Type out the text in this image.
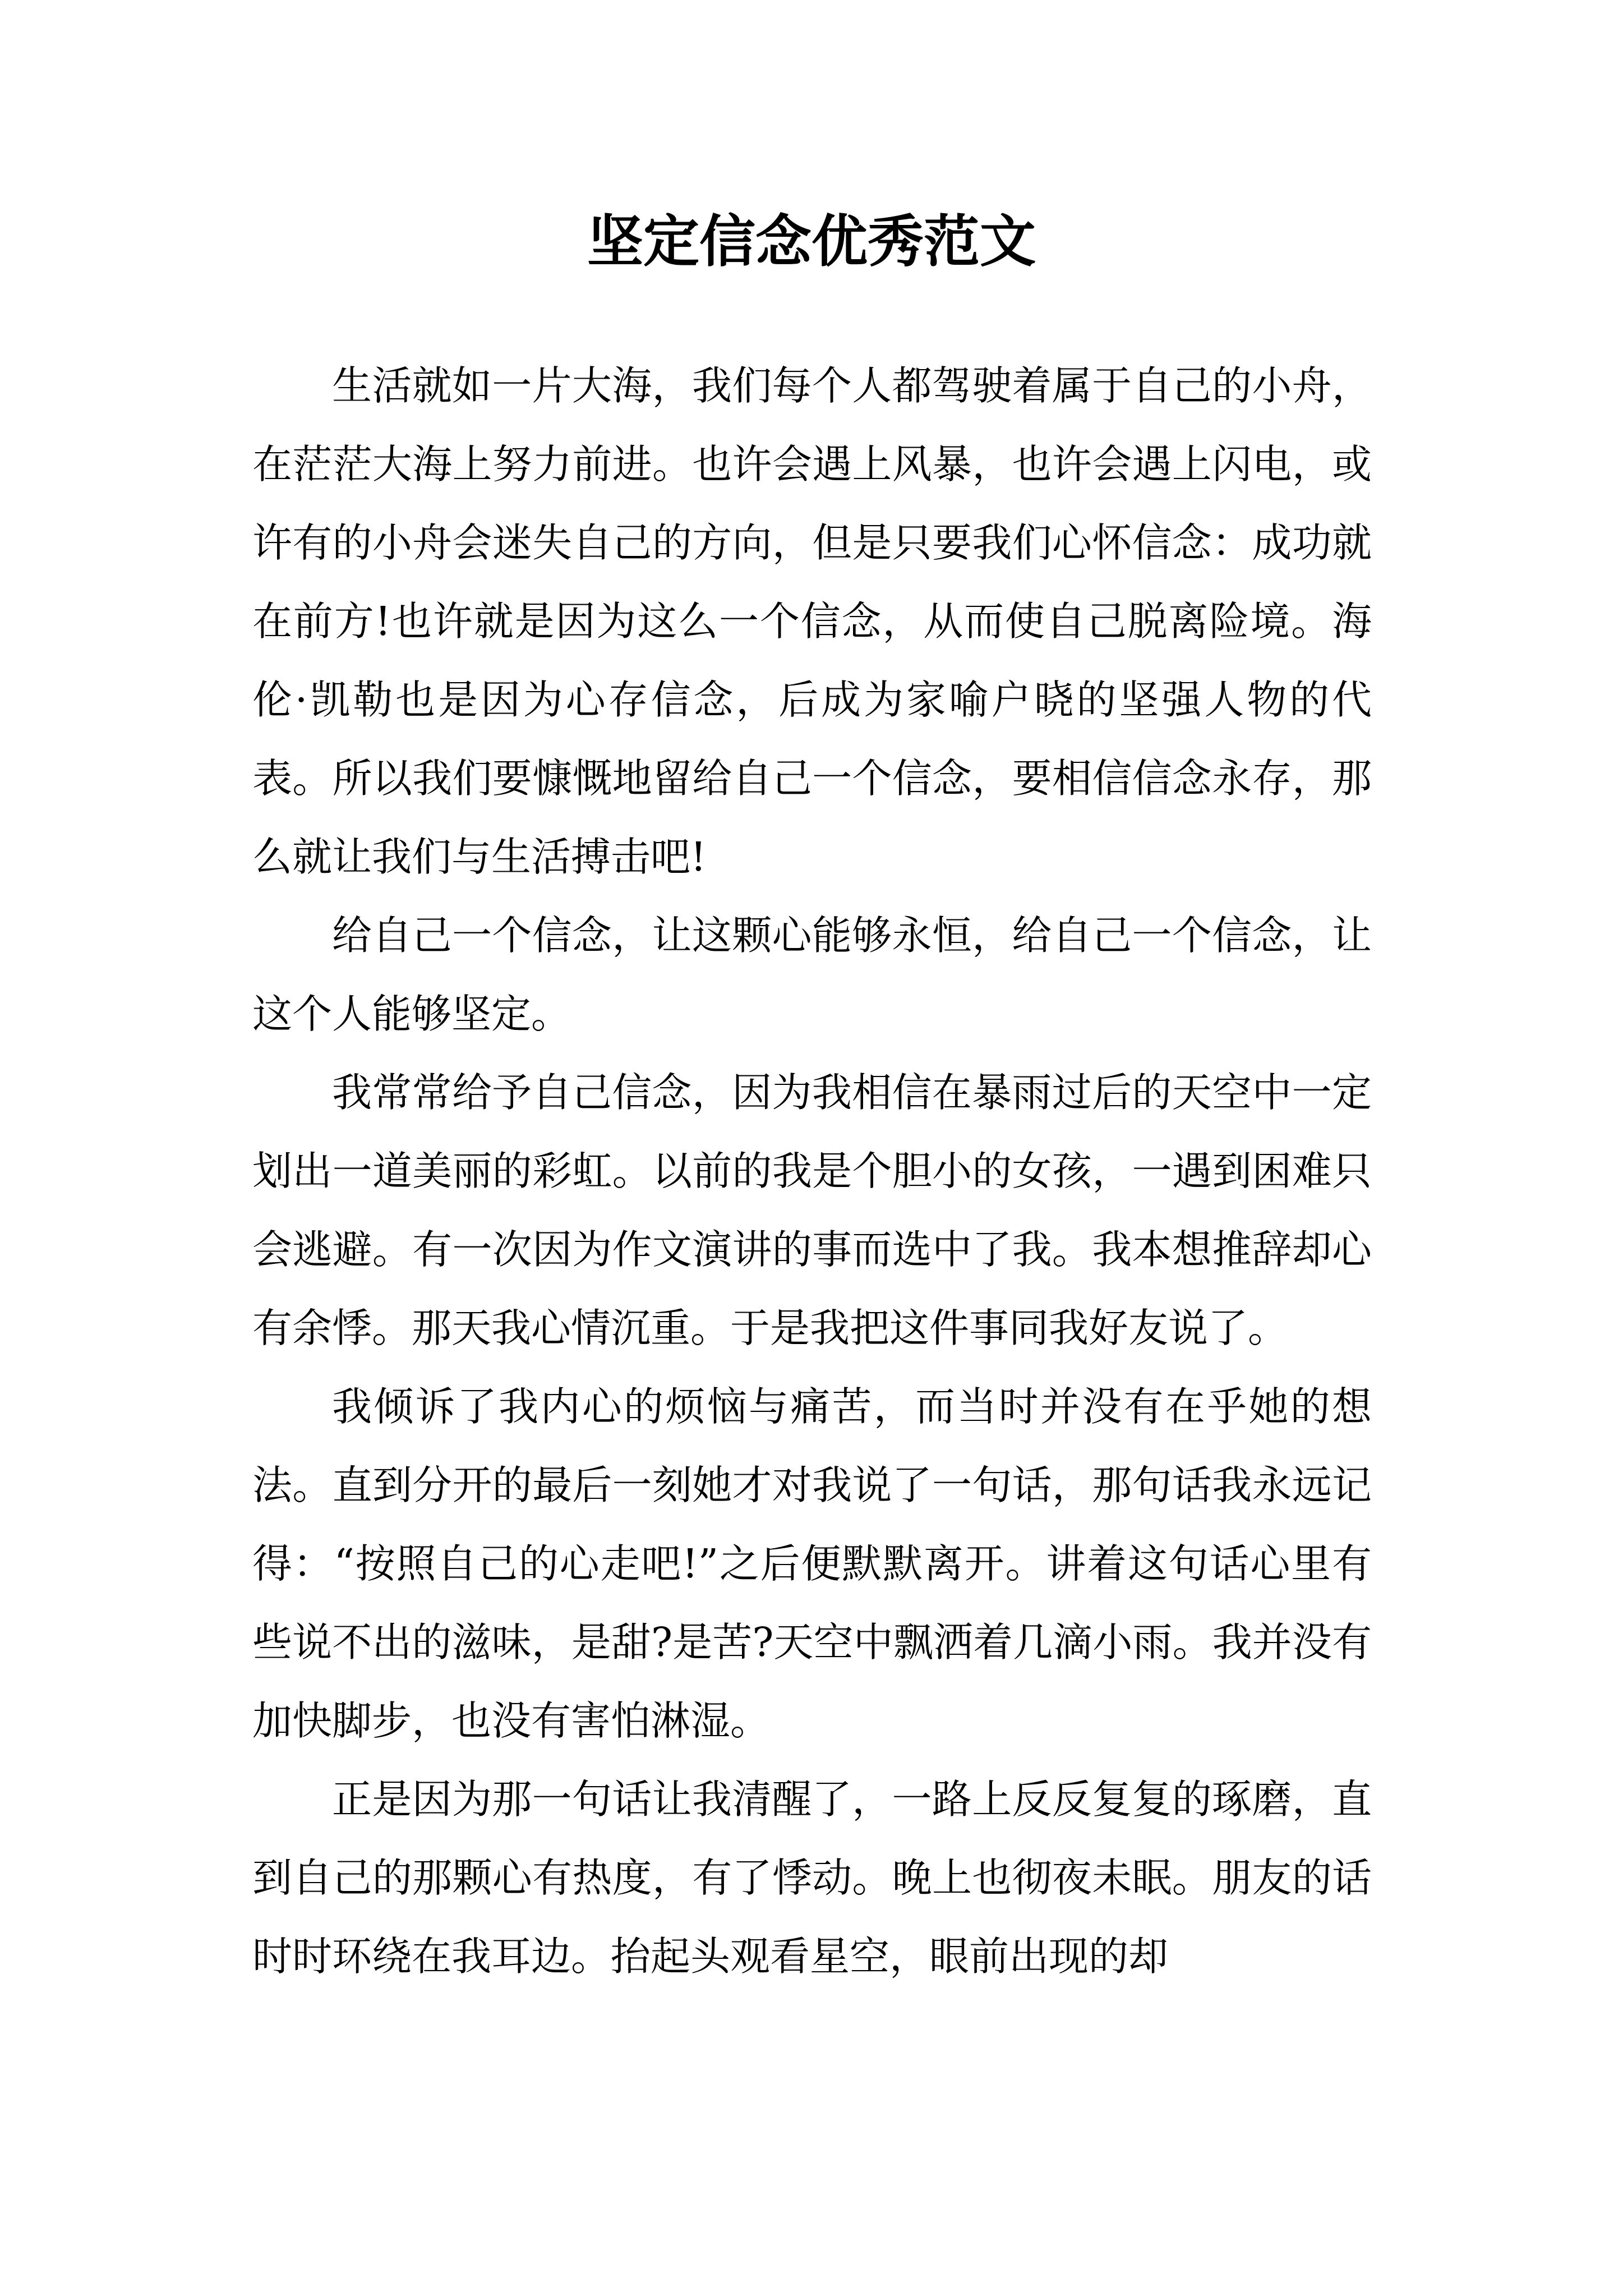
坚定信念优秀范文

生活就如一片大海，我们每个人都驾驶着属于自己的小舟，在茫茫大海上努力前进。也许会遇上风暴，也许会遇上闪电，或许有的小舟会迷失自己的方向，但是只要我们心怀信念：成功就在前方!也许就是因为这么一个信念，从而使自己脱离险境。海伦·凯勒也是因为心存信念，后成为家喻户晓的坚强人物的代表。所以我们要慷慨地留给自己一个信念，要相信信念永存，那么就让我们与生活搏击吧!

给自己一个信念，让这颗心能够永恒，给自己一个信念，让这个人能够坚定。

我常常给予自己信念，因为我相信在暴雨过后的天空中一定划出一道美丽的彩虹。以前的我是个胆小的女孩，一遇到困难只会逃避。有一次因为作文演讲的事而选中了我。我本想推辞却心有余悸。那天我心情沉重。于是我把这件事同我好友说了。

我倾诉了我内心的烦恼与痛苦，而当时并没有在乎她的想法。直到分开的最后一刻她才对我说了一句话，那句话我永远记得：“按照自己的心走吧!”之后便默默离开。讲着这句话心里有些说不出的滋味，是甜?是苦?天空中飘洒着几滴小雨。我并没有加快脚步，也没有害怕淋湿。

正是因为那一句话让我清醒了，一路上反反复复的琢磨，直到自己的那颗心有热度，有了悸动。晚上也彻夜未眠。朋友的话时时环绕在我耳边。抬起头观看星空，眼前出现的却
